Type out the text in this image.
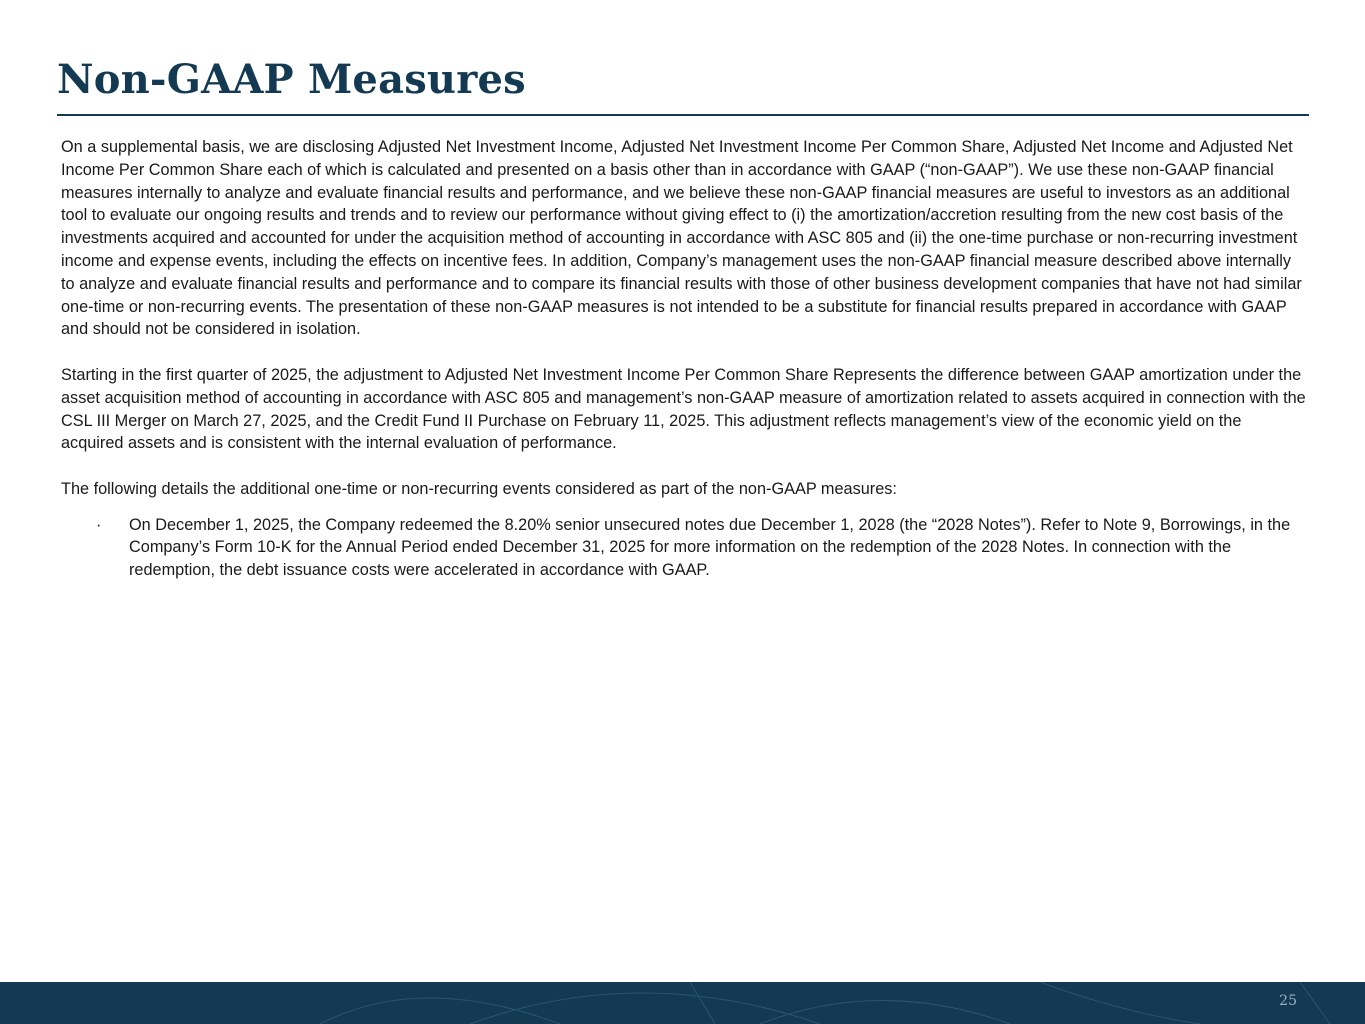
Non-GAAP Measures

On a supplemental basis, we are disclosing Adjusted Net Investment Income, Adjusted Net Investment Income Per Common Share, Adjusted Net Income and Adjusted Net Income Per Common Share each of which is calculated and presented on a basis other than in accordance with GAAP (“non-GAAP”). We use these non-GAAP financial measures internally to analyze and evaluate financial results and performance, and we believe these non-GAAP financial measures are useful to investors as an additional tool to evaluate our ongoing results and trends and to review our performance without giving effect to (i) the amortization/accretion resulting from the new cost basis of the investments acquired and accounted for under the acquisition method of accounting in accordance with ASC 805 and (ii) the one-time purchase or non-recurring investment income and expense events, including the effects on incentive fees. In addition, Company’s management uses the non-GAAP financial measure described above internally to analyze and evaluate financial results and performance and to compare its financial results with those of other business development companies that have not had similar one-time or non-recurring events. The presentation of these non-GAAP measures is not intended to be a substitute for financial results prepared in accordance with GAAP and should not be considered in isolation.

Starting in the first quarter of 2025, the adjustment to Adjusted Net Investment Income Per Common Share Represents the difference between GAAP amortization under the asset acquisition method of accounting in accordance with ASC 805 and management’s non-GAAP measure of amortization related to assets acquired in connection with the CSL III Merger on March 27, 2025, and the Credit Fund II Purchase on February 11, 2025. This adjustment reflects management’s view of the economic yield on the acquired assets and is consistent with the internal evaluation of performance.

The following details the additional one-time or non-recurring events considered as part of the non-GAAP measures:

· On December 1, 2025, the Company redeemed the 8.20% senior unsecured notes due December 1, 2028 (the “2028 Notes”). Refer to Note 9, Borrowings, in the Company’s Form 10-K for the Annual Period ended December 31, 2025 for more information on the redemption of the 2028 Notes. In connection with the redemption, the debt issuance costs were accelerated in accordance with GAAP.
25
